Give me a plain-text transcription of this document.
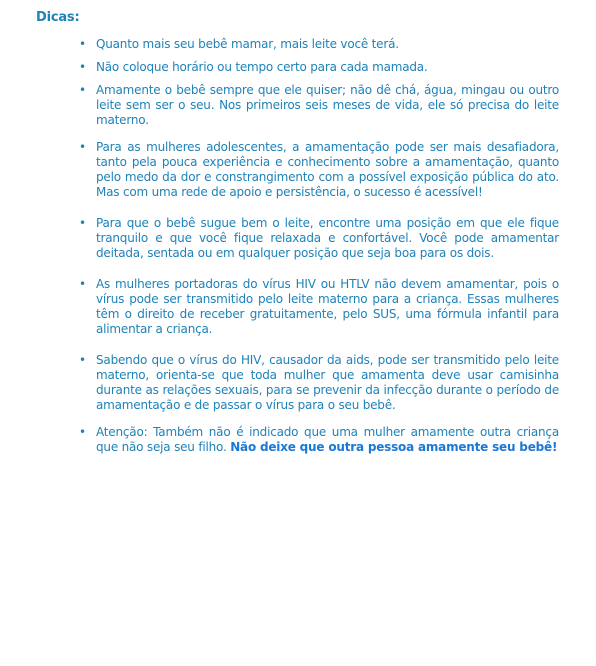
Dicas:
• Quanto mais seu bebê mamar, mais leite você terá.
• Não coloque horário ou tempo certo para cada mamada.
• Amamente o bebê sempre que ele quiser; não dê chá, água, mingau ou outro leite sem ser o seu. Nos primeiros seis meses de vida, ele só precisa do leite materno.
• Para as mulheres adolescentes, a amamentação pode ser mais desafiadora, tanto pela pouca experiência e conhecimento sobre a amamentação, quanto pelo medo da dor e constrangimento com a possível exposição pública do ato. Mas com uma rede de apoio e persistência, o sucesso é acessível!
• Para que o bebê sugue bem o leite, encontre uma posição em que ele fique tranquilo e que você fique relaxada e confortável. Você pode amamentar deitada, sentada ou em qualquer posição que seja boa para os dois.
• As mulheres portadoras do vírus HIV ou HTLV não devem amamentar, pois o vírus pode ser transmitido pelo leite materno para a criança. Essas mulheres têm o direito de receber gratuitamente, pelo SUS, uma fórmula infantil para alimentar a criança.
• Sabendo que o vírus do HIV, causador da aids, pode ser transmitido pelo leite materno, orienta-se que toda mulher que amamenta deve usar camisinha durante as relações sexuais, para se prevenir da infecção durante o período de amamentação e de passar o vírus para o seu bebê.
• Atenção: Também não é indicado que uma mulher amamente outra criança que não seja seu filho. Não deixe que outra pessoa amamente seu bebê!
